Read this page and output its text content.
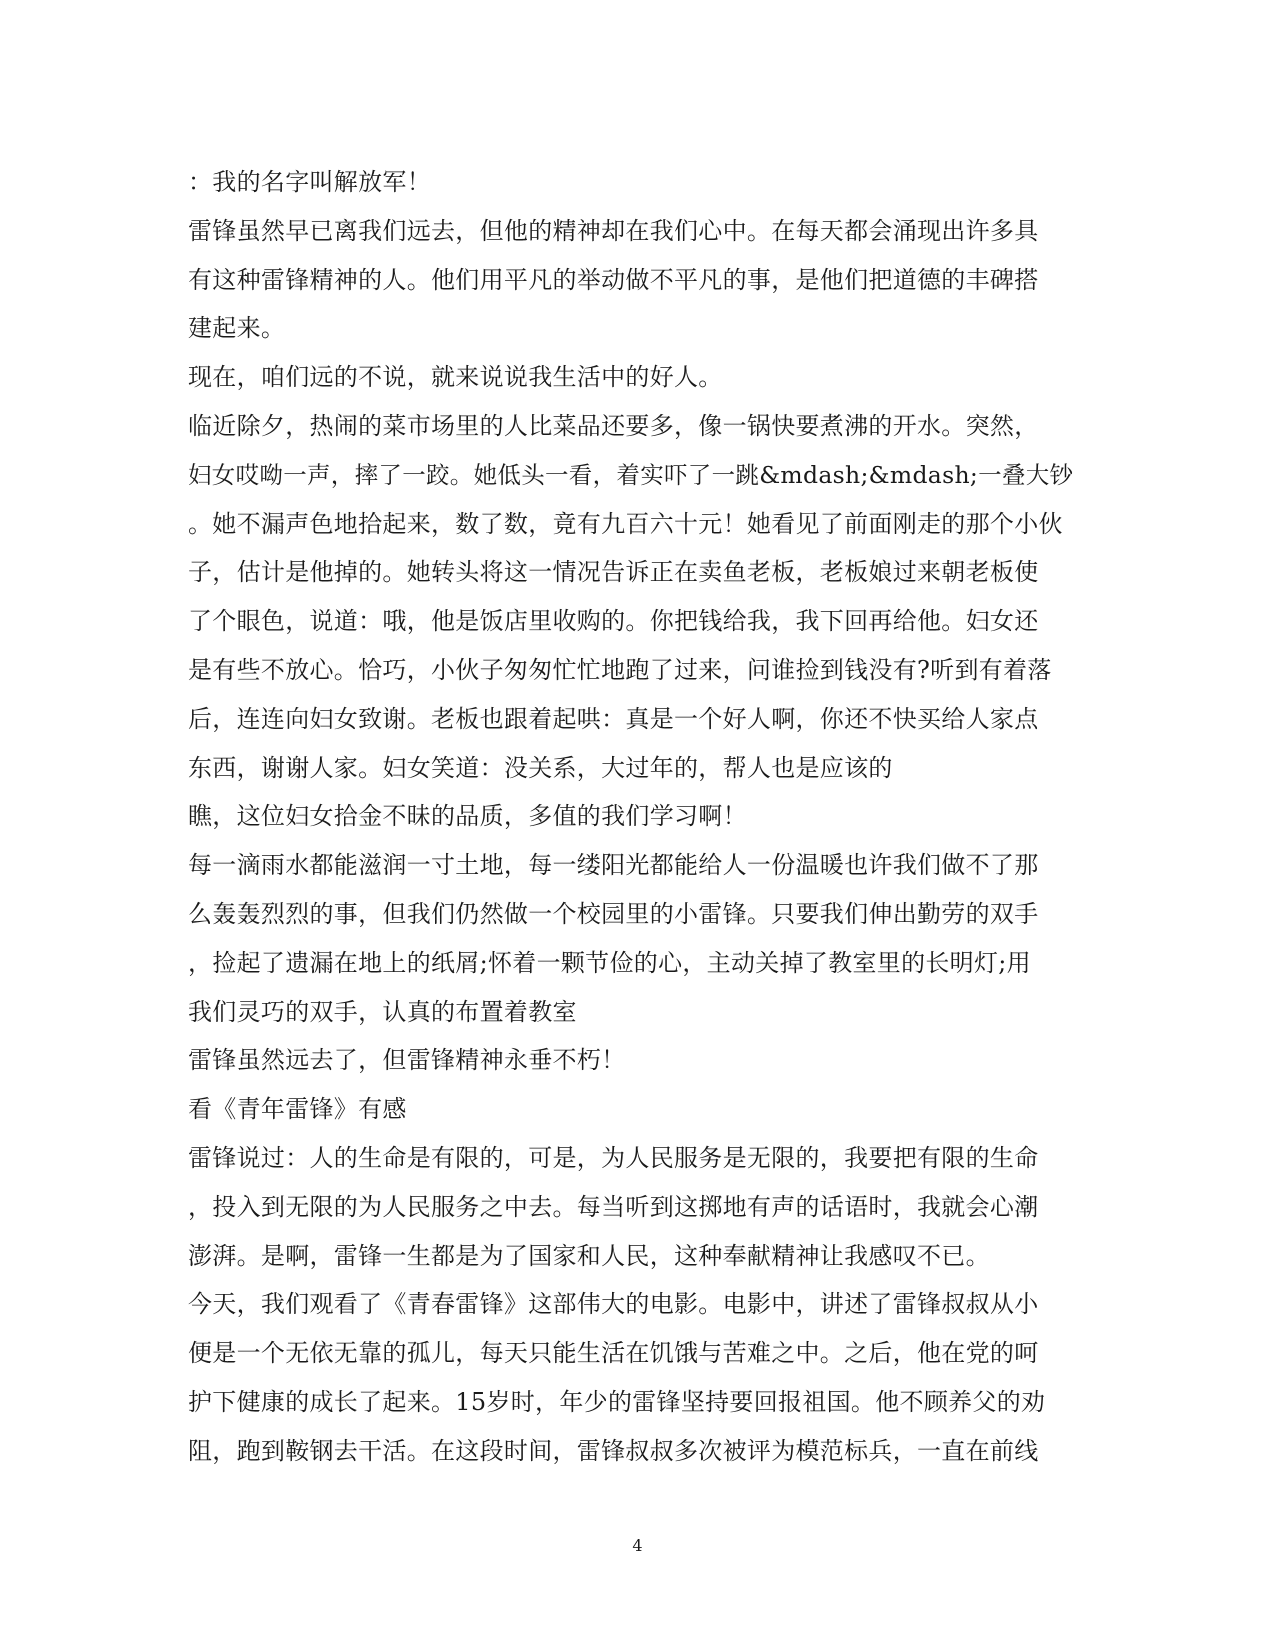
：我的名字叫解放军！
雷锋虽然早已离我们远去，但他的精神却在我们心中。在每天都会涌现出许多具
有这种雷锋精神的人。他们用平凡的举动做不平凡的事，是他们把道德的丰碑搭
建起来。
现在，咱们远的不说，就来说说我生活中的好人。
临近除夕，热闹的菜市场里的人比菜品还要多，像一锅快要煮沸的开水。突然，
妇女哎呦一声，摔了一跤。她低头一看，着实吓了一跳&mdash;&mdash;一叠大钞
。她不漏声色地拾起来，数了数，竟有九百六十元！她看见了前面刚走的那个小伙
子，估计是他掉的。她转头将这一情况告诉正在卖鱼老板，老板娘过来朝老板使
了个眼色，说道：哦，他是饭店里收购的。你把钱给我，我下回再给他。妇女还
是有些不放心。恰巧，小伙子匆匆忙忙地跑了过来，问谁捡到钱没有?听到有着落
后，连连向妇女致谢。老板也跟着起哄：真是一个好人啊，你还不快买给人家点
东西，谢谢人家。妇女笑道：没关系，大过年的，帮人也是应该的
瞧，这位妇女拾金不昧的品质，多值的我们学习啊！
每一滴雨水都能滋润一寸土地，每一缕阳光都能给人一份温暖也许我们做不了那
么轰轰烈烈的事，但我们仍然做一个校园里的小雷锋。只要我们伸出勤劳的双手
，捡起了遗漏在地上的纸屑;怀着一颗节俭的心，主动关掉了教室里的长明灯;用
我们灵巧的双手，认真的布置着教室
雷锋虽然远去了，但雷锋精神永垂不朽！
看《青年雷锋》有感
雷锋说过：人的生命是有限的，可是，为人民服务是无限的，我要把有限的生命
，投入到无限的为人民服务之中去。每当听到这掷地有声的话语时，我就会心潮
澎湃。是啊，雷锋一生都是为了国家和人民，这种奉献精神让我感叹不已。
今天，我们观看了《青春雷锋》这部伟大的电影。电影中，讲述了雷锋叔叔从小
便是一个无依无靠的孤儿，每天只能生活在饥饿与苦难之中。之后，他在党的呵
护下健康的成长了起来。15岁时，年少的雷锋坚持要回报祖国。他不顾养父的劝
阻，跑到鞍钢去干活。在这段时间，雷锋叔叔多次被评为模范标兵，一直在前线
4
